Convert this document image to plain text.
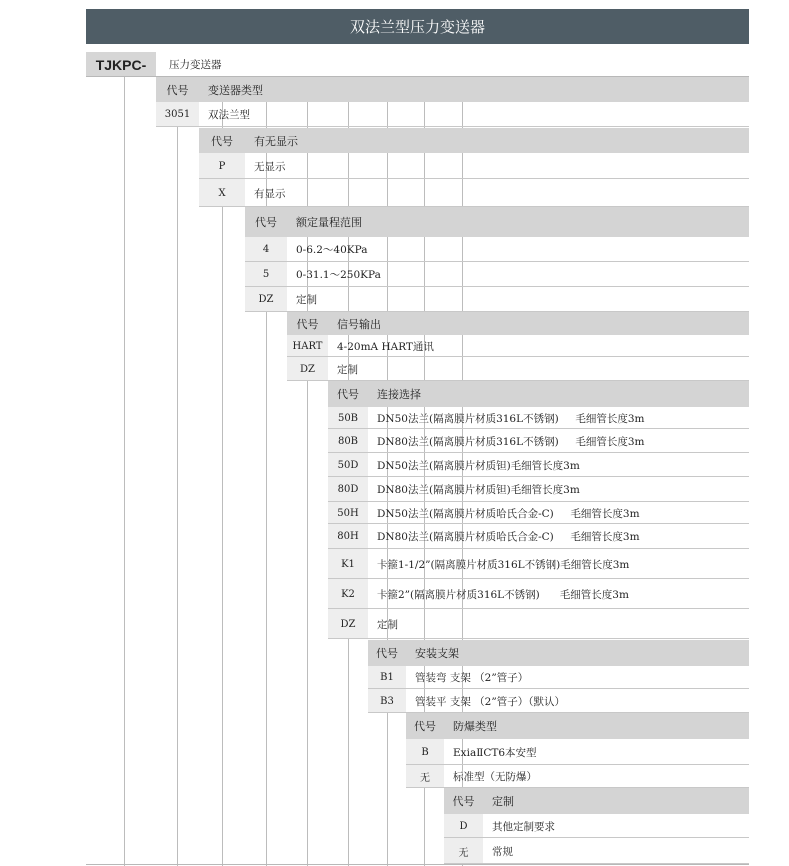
双法兰型压力变送器
TJKPC-	压力变送器
代号	变送器类型
3051	双法兰型
代号	有无显示
P	无显示
X	有显示
代号	额定量程范围
4	0-6.2～40KPa
5	0-31.1～250KPa
DZ	定制
代号	信号输出
HART	4-20mA HART通讯
DZ	定制
代号	连接选择
50B	DN50法兰(隔离膜片材质316L不锈钢)     毛细管长度3m
80B	DN80法兰(隔离膜片材质316L不锈钢)     毛细管长度3m
50D	DN50法兰(隔离膜片材质钽)毛细管长度3m
80D	DN80法兰(隔离膜片材质钽)毛细管长度3m
50H	DN50法兰(隔离膜片材质哈氏合金-C)     毛细管长度3m
80H	DN80法兰(隔离膜片材质哈氏合金-C)     毛细管长度3m
K1	卡箍1-1/2”(隔离膜片材质316L不锈钢)毛细管长度3m
K2	卡箍2”(隔离膜片材质316L不锈钢)      毛细管长度3m
DZ	定制
代号	安装支架
B1	管装弯 支架 （2”管子）
B3	管装平 支架 （2”管子）（默认）
代号	防爆类型
B	ExiaⅡCT6本安型
无	标准型（无防爆）
代号	定制
D	其他定制要求
无	常规
